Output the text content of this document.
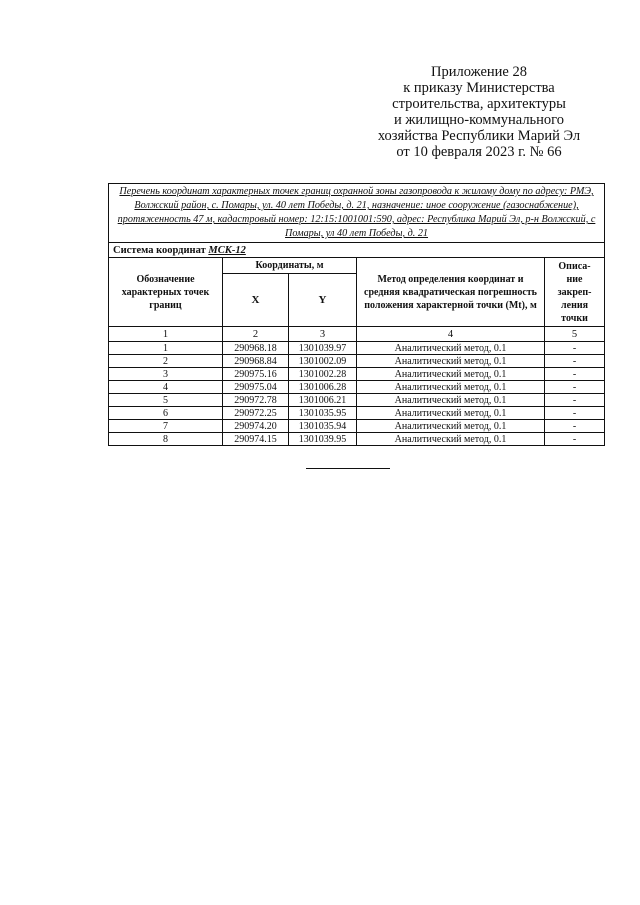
Приложение 28
к приказу Министерства
строительства, архитектуры
и жилищно-коммунального
хозяйства Республики Марий Эл
от 10 февраля 2023 г. № 66
Перечень координат характерных точек границ охранной зоны газопровода к жилому дому по адресу: РМЭ, Волжский район, с. Помары, ул. 40 лет Победы, д. 21, назначение: иное сооружение (газоснабжение), протяженность 47 м, кадастровый номер: 12:15:1001001:590, адрес: Республика Марий Эл, р-н Волжский, с Помары, ул 40 лет Победы, д. 21				
Система координат МСК-12				
Обозначение характерных точек границ	Координаты, м		Метод определения координат и средняя квадратическая погрешность положения характерной точки (Mt), м	Описа-ние закреп-ления точки
	X	Y		
1	2	3	4	5
1	290968.18	1301039.97	Аналитический метод, 0.1	-
2	290968.84	1301002.09	Аналитический метод, 0.1	-
3	290975.16	1301002.28	Аналитический метод, 0.1	-
4	290975.04	1301006.28	Аналитический метод, 0.1	-
5	290972.78	1301006.21	Аналитический метод, 0.1	-
6	290972.25	1301035.95	Аналитический метод, 0.1	-
7	290974.20	1301035.94	Аналитический метод, 0.1	-
8	290974.15	1301039.95	Аналитический метод, 0.1	-
